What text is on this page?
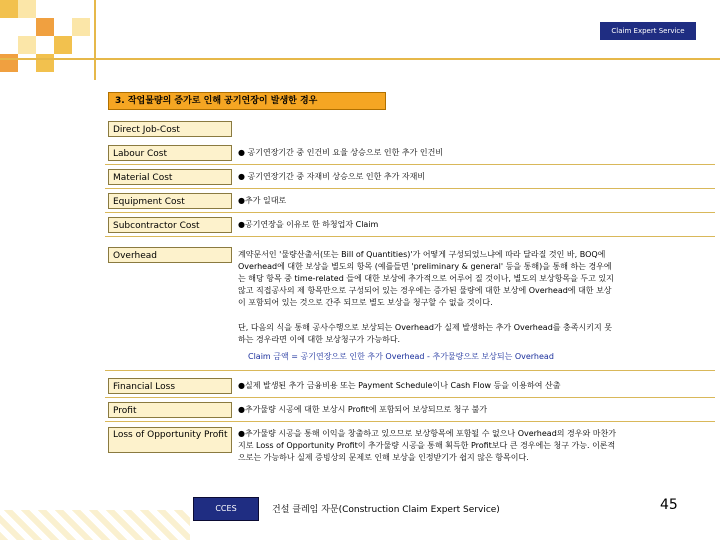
Claim Expert Service
3. 작업물량의 증가로 인해 공기연장이 발생한 경우
Direct Job-Cost
Labour Cost	● 공기연장기간 중 인건비 요율 상승으로 인한 추가 인건비
Material Cost	● 공기연장기간 중 자재비 상승으로 인한 추가 자재비
Equipment Cost	●추가 일대로
Subcontractor Cost	●공기연장을 이유로 한 하청업자 Claim
Overhead	계약문서인 '물량산출서(또는 Bill of Quantities)'가 어떻게 구성되었느냐에 따라 달라질 것인 바, BOQ에 Overhead에 대한 보상을 별도의 항목 (예를들면 'preliminary & general' 등을 통해)을 통해 하는 경우에는 해당 항목 중 time-related 들에 대한 보상에 추가적으로 어루어 질 것이나, 별도의 보상항목을 두고 있지 않고 직접공사의 제 항목만으로 구성되어 있는 경우에는 증가된 물량에 대한 보상에 Overhead에 대한 보상이 포함되어 있는 것으로 간주 되므로 별도 보상을 청구할 수 없을 것이다.
단, 다음의 식을 통해 공사수행으로 보상되는 Overhead가 실제 발생하는 추가 Overhead를 충족시키지 못하는 경우라면 이에 대한 보상청구가 가능하다.
Claim 금액 = 공기연장으로 인한 추가 Overhead - 추가물량으로 보상되는 Overhead
Financial Loss	●실제 발생된 추가 금융비용 또는 Payment Schedule이나 Cash Flow 등을 이용하여 산출
Profit	●추가물량 시공에 대한 보상시 Profit에 포함되어 보상되므로 청구 불가
Loss of Opportunity Profit	●추가물량 시공을 통해 이익을 창출하고 있으므로 보상항목에 포함될 수 없으나 Overhead의 경우와 마찬가지로 Loss of Opportunity Profit이 추가물량 시공을 통해 획득한 Profit보다 큰 경우에는 청구 가능. 이론적으로는 가능하나 실제 증빙상의 문제로 인해 보상을 인정받기가 쉽지 않은 항목이다.
CCES	건설 클레임 자문(Construction Claim Expert Service)	45
